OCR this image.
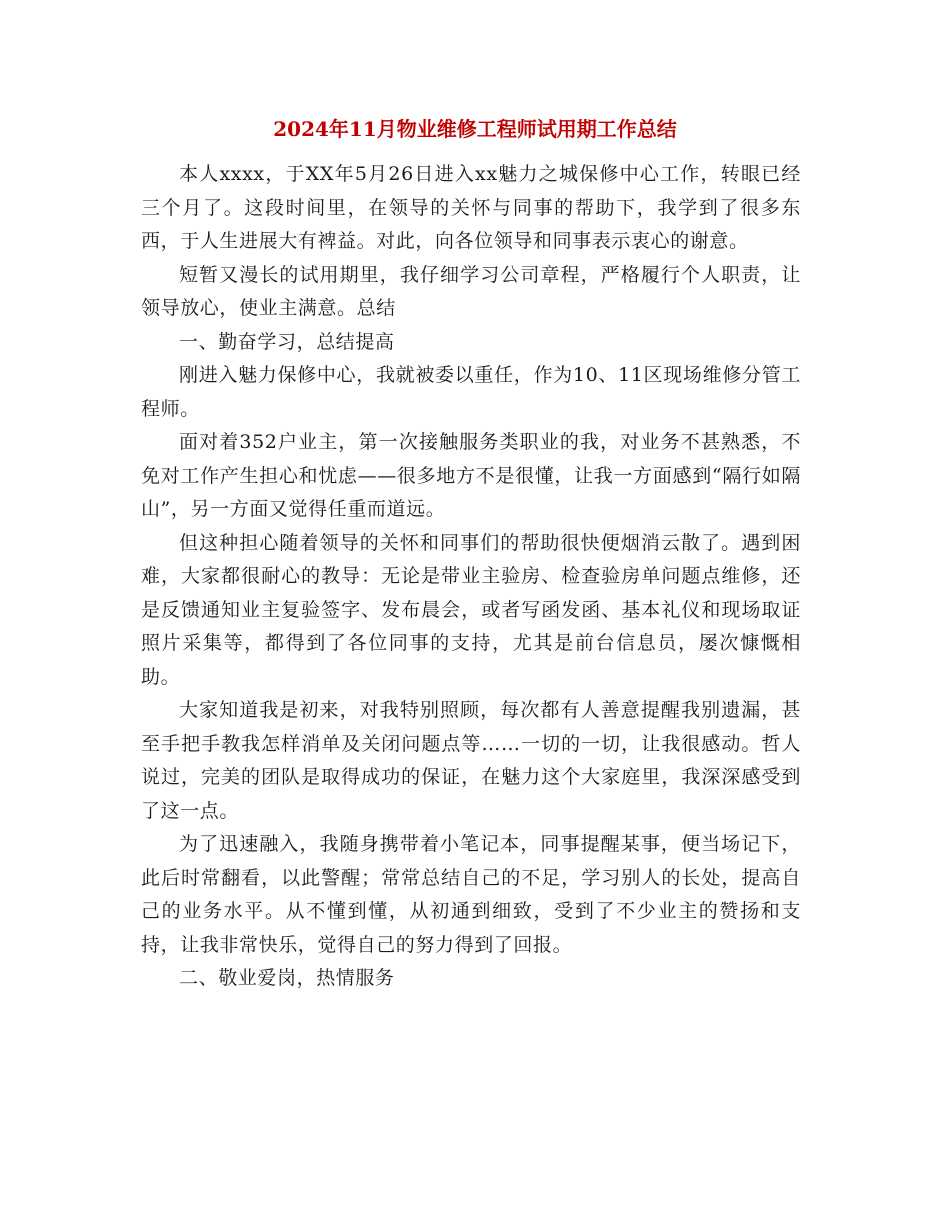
2024年11月物业维修工程师试用期工作总结

本人xxxx，于XX年5月26日进入xx魅力之城保修中心工作，转眼已经三个月了。这段时间里，在领导的关怀与同事的帮助下，我学到了很多东西，于人生进展大有裨益。对此，向各位领导和同事表示衷心的谢意。

短暂又漫长的试用期里，我仔细学习公司章程，严格履行个人职责，让领导放心，使业主满意。总结

一、勤奋学习，总结提高

刚进入魅力保修中心，我就被委以重任，作为10、11区现场维修分管工程师。

面对着352户业主，第一次接触服务类职业的我，对业务不甚熟悉，不免对工作产生担心和忧虑——很多地方不是很懂，让我一方面感到“隔行如隔山”，另一方面又觉得任重而道远。

但这种担心随着领导的关怀和同事们的帮助很快便烟消云散了。遇到困难，大家都很耐心的教导：无论是带业主验房、检查验房单问题点维修，还是反馈通知业主复验签字、发布晨会，或者写函发函、基本礼仪和现场取证照片采集等，都得到了各位同事的支持，尤其是前台信息员，屡次慷慨相助。

大家知道我是初来，对我特别照顾，每次都有人善意提醒我别遗漏，甚至手把手教我怎样消单及关闭问题点等……一切的一切，让我很感动。哲人说过，完美的团队是取得成功的保证，在魅力这个大家庭里，我深深感受到了这一点。

为了迅速融入，我随身携带着小笔记本，同事提醒某事，便当场记下，此后时常翻看，以此警醒；常常总结自己的不足，学习别人的长处，提高自己的业务水平。从不懂到懂，从初通到细致，受到了不少业主的赞扬和支持，让我非常快乐，觉得自己的努力得到了回报。

二、敬业爱岗，热情服务
